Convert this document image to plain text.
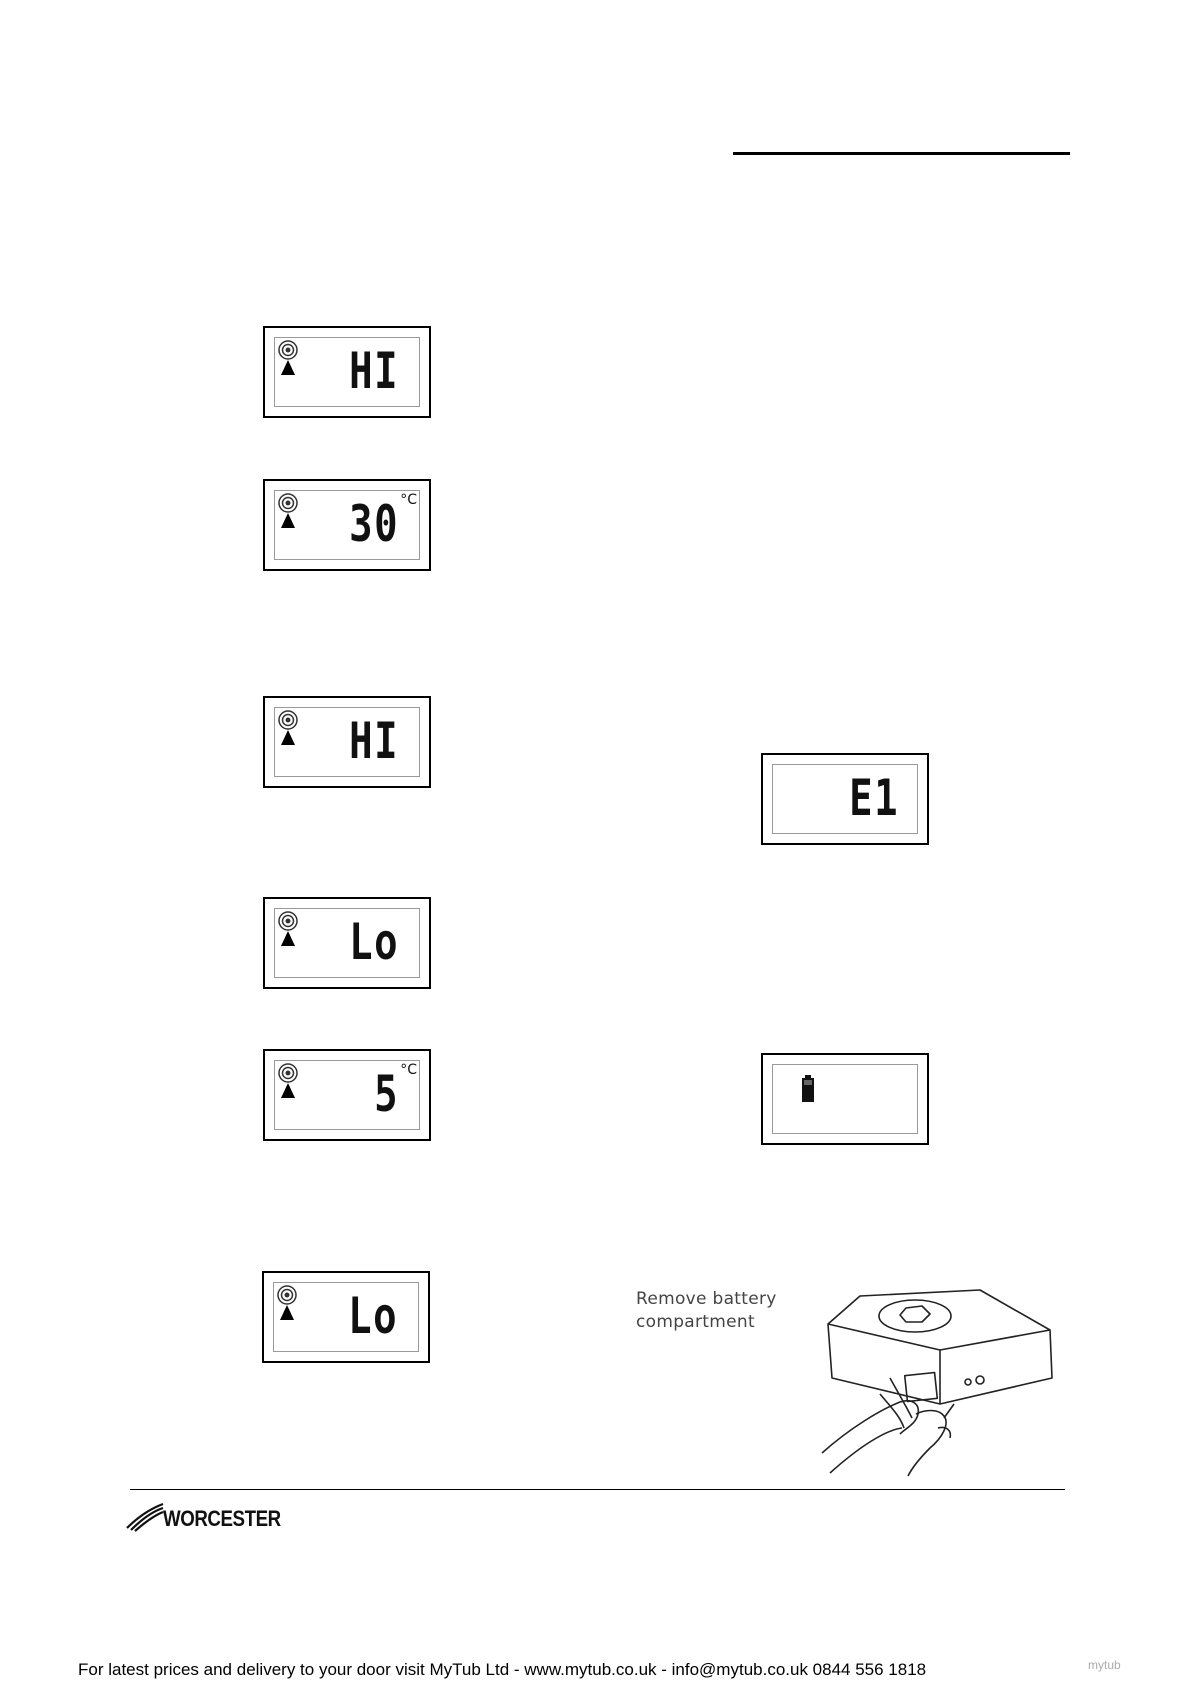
HI
30 °C
HI
Lo
5 °C
Lo
E1
Remove battery
compartment
WORCESTER
For latest prices and delivery to your door visit MyTub Ltd - www.mytub.co.uk - info@mytub.co.uk 0844 556 1818	mytub
